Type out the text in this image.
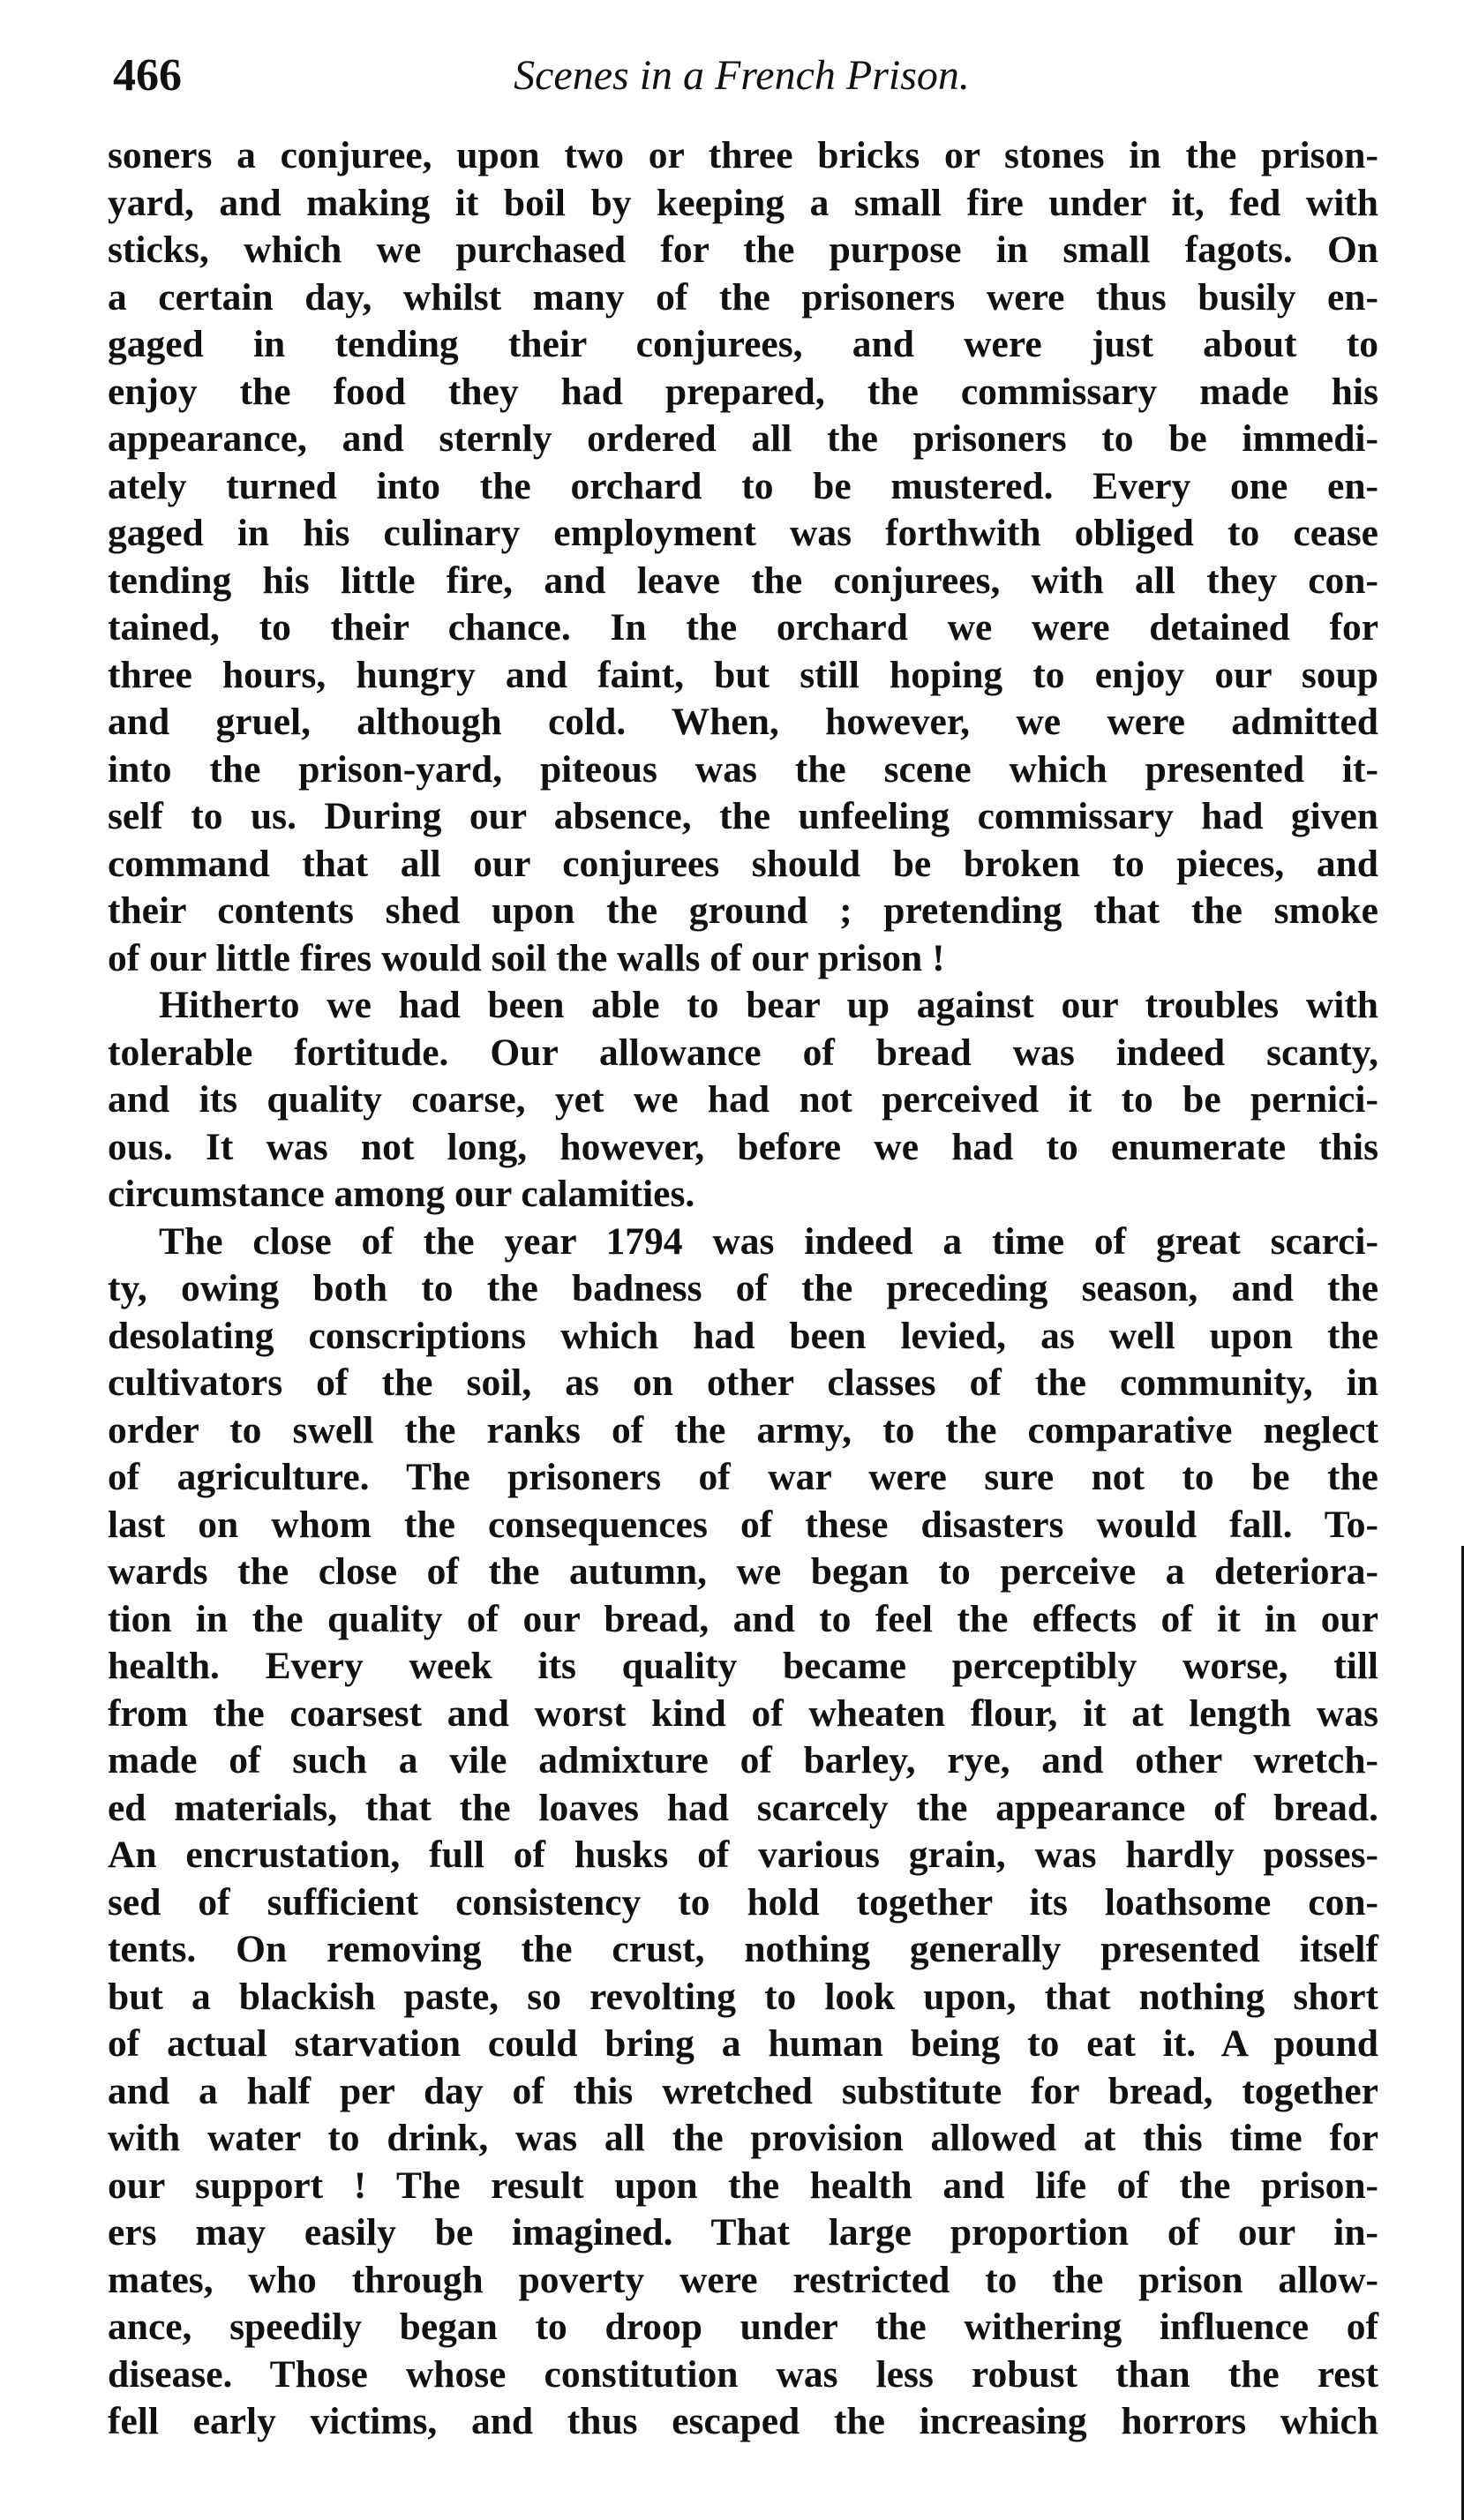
466	Scenes in a French Prison.
soners a conjuree, upon two or three bricks or stones in the prison-
yard, and making it boil by keeping a small fire under it, fed with
sticks, which we purchased for the purpose in small fagots. On
a certain day, whilst many of the prisoners were thus busily en-
gaged in tending their conjurees, and were just about to
enjoy the food they had prepared, the commissary made his
appearance, and sternly ordered all the prisoners to be immedi-
ately turned into the orchard to be mustered. Every one en-
gaged in his culinary employment was forthwith obliged to cease
tending his little fire, and leave the conjurees, with all they con-
tained, to their chance. In the orchard we were detained for
three hours, hungry and faint, but still hoping to enjoy our soup
and gruel, although cold. When, however, we were admitted
into the prison-yard, piteous was the scene which presented it-
self to us. During our absence, the unfeeling commissary had given
command that all our conjurees should be broken to pieces, and
their contents shed upon the ground ; pretending that the smoke
of our little fires would soil the walls of our prison !
Hitherto we had been able to bear up against our troubles with
tolerable fortitude. Our allowance of bread was indeed scanty,
and its quality coarse, yet we had not perceived it to be pernici-
ous. It was not long, however, before we had to enumerate this
circumstance among our calamities.
The close of the year 1794 was indeed a time of great scarci-
ty, owing both to the badness of the preceding season, and the
desolating conscriptions which had been levied, as well upon the
cultivators of the soil, as on other classes of the community, in
order to swell the ranks of the army, to the comparative neglect
of agriculture. The prisoners of war were sure not to be the
last on whom the consequences of these disasters would fall. To-
wards the close of the autumn, we began to perceive a deteriora-
tion in the quality of our bread, and to feel the effects of it in our
health. Every week its quality became perceptibly worse, till
from the coarsest and worst kind of wheaten flour, it at length was
made of such a vile admixture of barley, rye, and other wretch-
ed materials, that the loaves had scarcely the appearance of bread.
An encrustation, full of husks of various grain, was hardly posses-
sed of sufficient consistency to hold together its loathsome con-
tents. On removing the crust, nothing generally presented itself
but a blackish paste, so revolting to look upon, that nothing short
of actual starvation could bring a human being to eat it. A pound
and a half per day of this wretched substitute for bread, together
with water to drink, was all the provision allowed at this time for
our support ! The result upon the health and life of the prison-
ers may easily be imagined. That large proportion of our in-
mates, who through poverty were restricted to the prison allow-
ance, speedily began to droop under the withering influence of
disease. Those whose constitution was less robust than the rest
fell early victims, and thus escaped the increasing horrors which
